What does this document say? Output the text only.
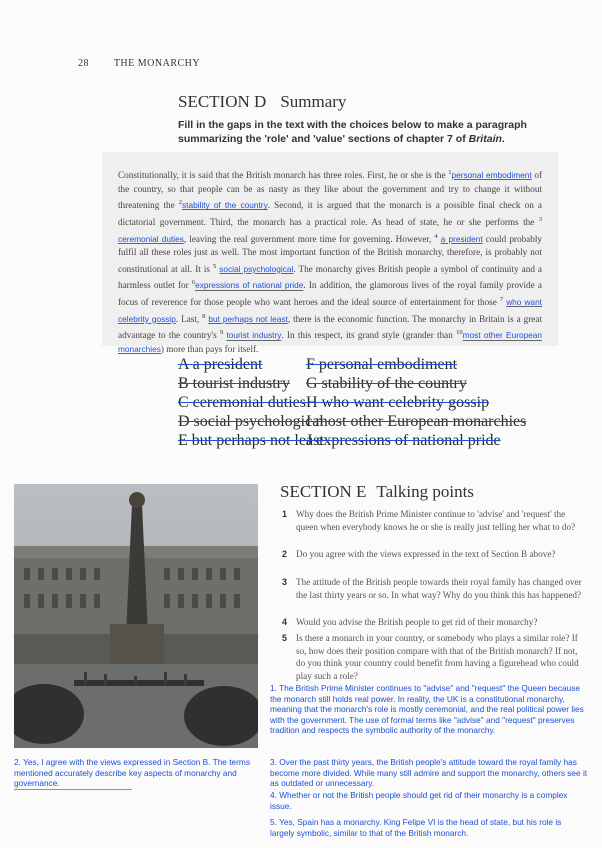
28 THE MONARCHY
SECTION D Summary
Fill in the gaps in the text with the choices below to make a paragraph summarizing the 'role' and 'value' sections of chapter 7 of Britain.
Constitutionally, it is said that the British monarch has three roles. First, he or she is the $^1$personal embodiment of the country, so that people can be as nasty as they like about the government and try to change it without threatening the $^2$stability of the country. Second, it is argued that the monarch is a possible final check on a dictatorial government. Third, the monarch has a practical role. As head of state, he or she performs the $^3$ ceremonial duties, leaving the real government more time for governing. However, $^4$ a president could probably fulfil all these roles just as well. The most important function of the British monarchy, therefore, is probably not constitutional at all. It is $^5$ social psychological. The monarchy gives British people a symbol of continuity and a harmless outlet for $^6$expressions of national pride. In addition, the glamorous lives of the royal family provide a focus of reverence for those people who want heroes and the ideal source of entertainment for those $^7$ who want celebrity gossip. Last, $^8$ but perhaps not least, there is the economic function. The monarchy in Britain is a great advantage to the country's $^9$ tourist industry. In this respect, its grand style (grander than $^{10}$most other European monarchies) more than pays for itself.
A a president
B tourist industry
C ceremonial duties
D social psychological
E but perhaps not least
F personal embodiment
G stability of the country
H who want celebrity gossip
I most other European monarchies
J expressions of national pride
SECTION E Talking points
1 Why does the British Prime Minister continue to 'advise' and 'request' the queen when everybody knows he or she is really just telling her what to do?
2 Do you agree with the views expressed in the text of Section B above?
3 The attitude of the British people towards their royal family has changed over the last thirty years or so. In what way? Why do you think this has happened?
4 Would you advise the British people to get rid of their monarchy?
5 Is there a monarch in your country, or somebody who plays a similar role? If so, how does their position compare with that of the British monarch? If not, do you think your country could benefit from having a figurehead who could play such a role?
1. The British Prime Minister continues to "advise" and "request" the Queen because the monarch still holds real power. In reality, the UK is a constitutional monarchy, meaning that the monarch's role is mostly ceremonial, and the real political power lies with the government. The use of formal terms like "advise" and "request" preserves tradition and respects the symbolic authority of the monarchy.
2. Yes, I agree with the views expressed in Section B. The terms mentioned accurately describe key aspects of monarchy and governance.
3. Over the past thirty years, the British people's attitude toward the royal family has become more divided. While many still admire and support the monarchy, others see it as outdated or unnecessary.
4. Whether or not the British people should get rid of their monarchy is a complex issue.
5. Yes, Spain has a monarchy. King Felipe VI is the head of state, but his role is largely symbolic, similar to that of the British monarch.
